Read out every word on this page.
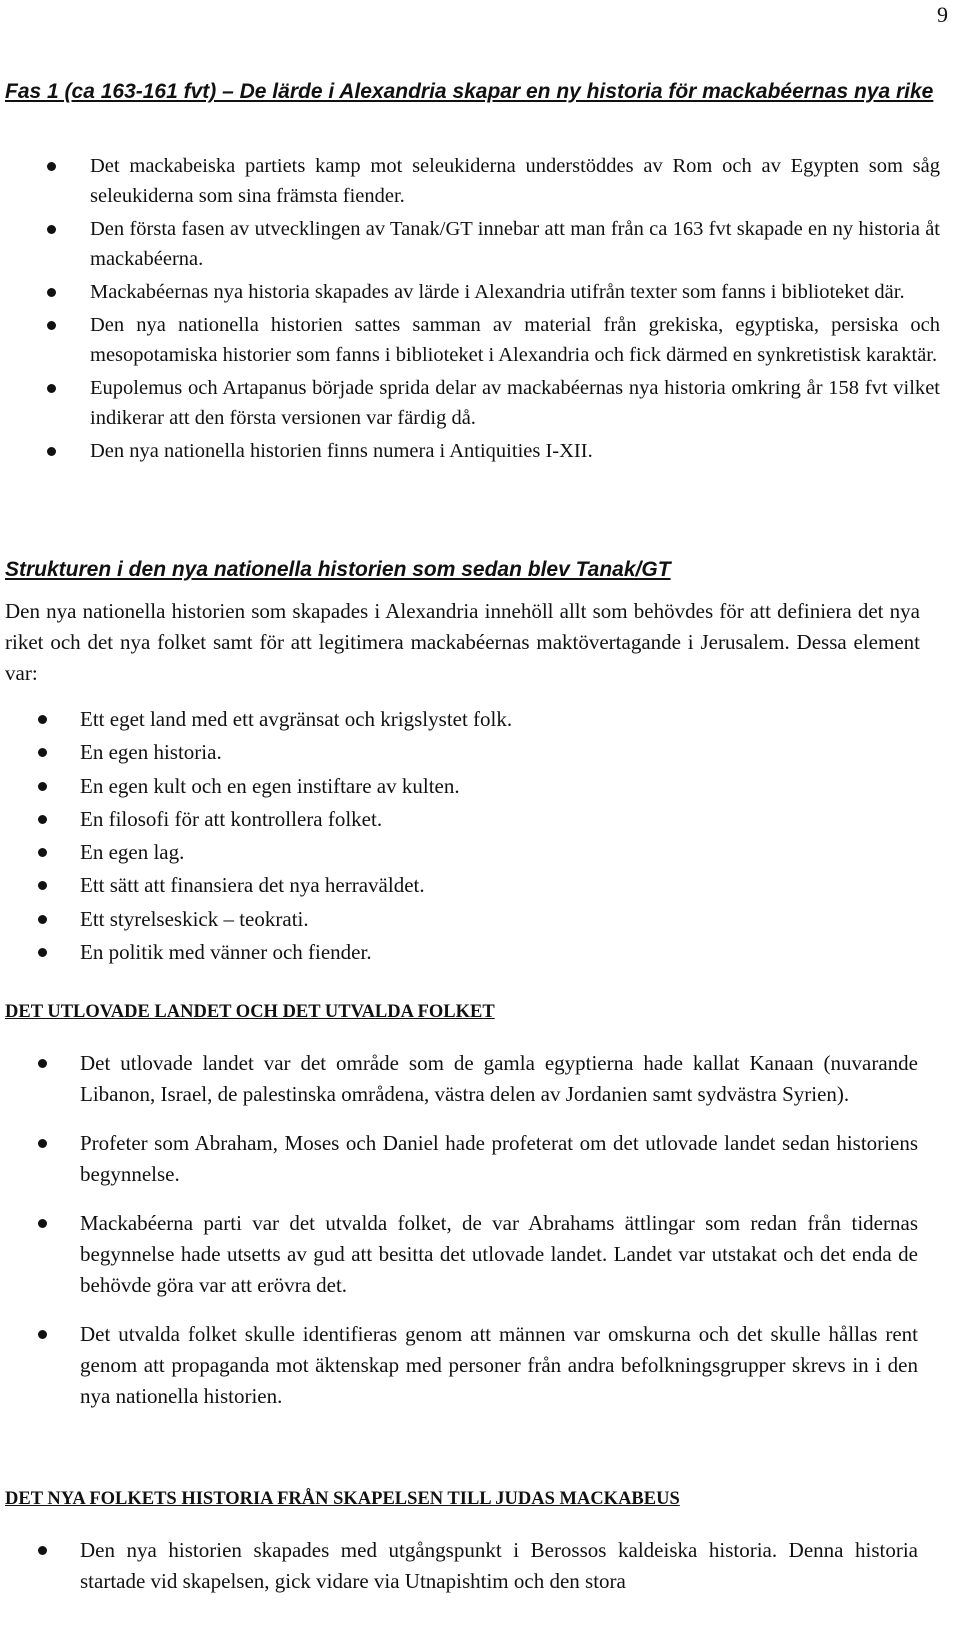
9
Fas 1 (ca 163-161 fvt) – De lärde i Alexandria skapar en ny historia för mackabéernas nya rike
Det mackabeiska partiets kamp mot seleukiderna understöddes av Rom och av Egypten som såg seleukiderna som sina främsta fiender.
Den första fasen av utvecklingen av Tanak/GT innebar att man från ca 163 fvt skapade en ny historia åt mackabéerna.
Mackabéernas nya historia skapades av lärde i Alexandria utifrån texter som fanns i biblioteket där.
Den nya nationella historien sattes samman av material från grekiska, egyptiska, persiska och mesopotamiska historier som fanns i biblioteket i Alexandria och fick därmed en synkretistisk karaktär.
Eupolemus och Artapanus började sprida delar av mackabéernas nya historia omkring år 158 fvt vilket indikerar att den första versionen var färdig då.
Den nya nationella historien finns numera i Antiquities I-XII.
Strukturen i den nya nationella historien som sedan blev Tanak/GT

Den nya nationella historien som skapades i Alexandria innehöll allt som behövdes för att definiera det nya riket och det nya folket samt för att legitimera mackabéernas maktövertagande i Jerusalem. Dessa element var:

Ett eget land med ett avgränsat och krigslystet folk.
En egen historia.
En egen kult och en egen instiftare av kulten.
En filosofi för att kontrollera folket.
En egen lag.
Ett sätt att finansiera det nya herraväldet.
Ett styrelseskick – teokrati.
En politik med vänner och fiender.
DET UTLOVADE LANDET OCH DET UTVALDA FOLKET
Det utlovade landet var det område som de gamla egyptierna hade kallat Kanaan (nuvarande Libanon, Israel, de palestinska områdena, västra delen av Jordanien samt sydvästra Syrien).
Profeter som Abraham, Moses och Daniel hade profeterat om det utlovade landet sedan historiens begynnelse.
Mackabéerna parti var det utvalda folket, de var Abrahams ättlingar som redan från tidernas begynnelse hade utsetts av gud att besitta det utlovade landet. Landet var utstakat och det enda de behövde göra var att erövra det.
Det utvalda folket skulle identifieras genom att männen var omskurna och det skulle hållas rent genom att propaganda mot äktenskap med personer från andra befolkningsgrupper skrevs in i den nya nationella historien.
DET NYA FOLKETS HISTORIA FRÅN SKAPELSEN TILL JUDAS MACKABEUS
Den nya historien skapades med utgångspunkt i Berossos kaldeiska historia. Denna historia startade vid skapelsen, gick vidare via Utnapishtim och den stora
